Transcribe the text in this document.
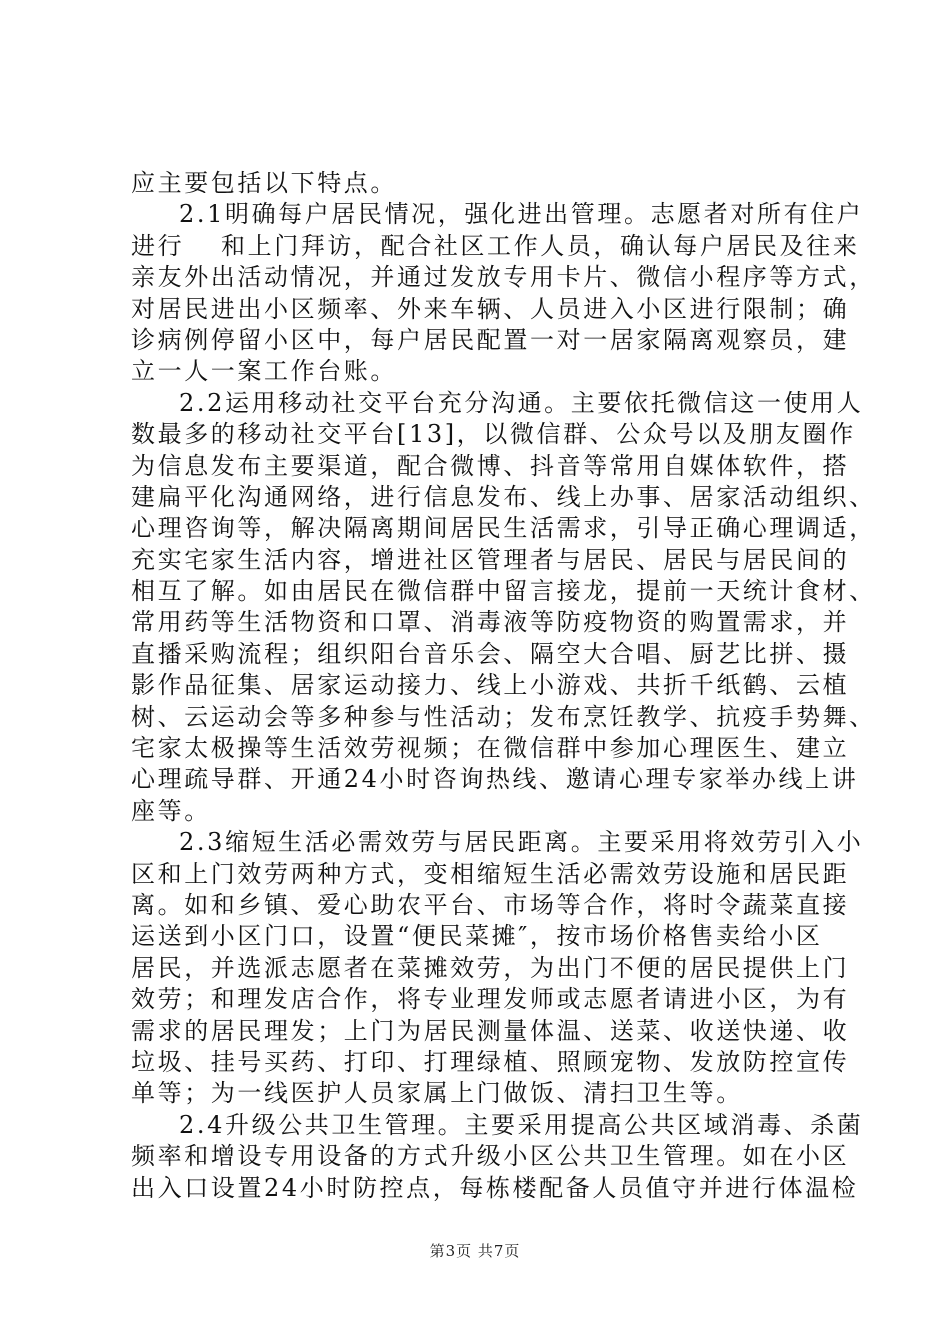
应主要包括以下特点。
2.1明确每户居民情况，强化进出管理。志愿者对所有住户
进行 　和上门拜访，配合社区工作人员，确认每户居民及往来
亲友外出活动情况，并通过发放专用卡片、微信小程序等方式，
对居民进出小区频率、外来车辆、人员进入小区进行限制；确
诊病例停留小区中，每户居民配置一对一居家隔离观察员，建
立一人一案工作台账。
2.2运用移动社交平台充分沟通。主要依托微信这一使用人
数最多的移动社交平台[13]，以微信群、公众号以及朋友圈作
为信息发布主要渠道，配合微博、抖音等常用自媒体软件，搭
建扁平化沟通网络，进行信息发布、线上办事、居家活动组织、
心理咨询等，解决隔离期间居民生活需求，引导正确心理调适，
充实宅家生活内容，增进社区管理者与居民、居民与居民间的
相互了解。如由居民在微信群中留言接龙，提前一天统计食材、
常用药等生活物资和口罩、消毒液等防疫物资的购置需求，并
直播采购流程；组织阳台音乐会、隔空大合唱、厨艺比拼、摄
影作品征集、居家运动接力、线上小游戏、共折千纸鹤、云植
树、云运动会等多种参与性活动；发布烹饪教学、抗疫手势舞、
宅家太极操等生活效劳视频；在微信群中参加心理医生、建立
心理疏导群、开通24小时咨询热线、邀请心理专家举办线上讲
座等。
2.3缩短生活必需效劳与居民距离。主要采用将效劳引入小
区和上门效劳两种方式，变相缩短生活必需效劳设施和居民距
离。如和乡镇、爱心助农平台、市场等合作，将时令蔬菜直接
运送到小区门口，设置“便民菜摊″，按市场价格售卖给小区
居民，并选派志愿者在菜摊效劳，为出门不便的居民提供上门
效劳；和理发店合作，将专业理发师或志愿者请进小区，为有
需求的居民理发；上门为居民测量体温、送菜、收送快递、收
垃圾、挂号买药、打印、打理绿植、照顾宠物、发放防控宣传
单等；为一线医护人员家属上门做饭、清扫卫生等。
2.4升级公共卫生管理。主要采用提高公共区域消毒、杀菌
频率和增设专用设备的方式升级小区公共卫生管理。如在小区
出入口设置24小时防控点，每栋楼配备人员值守并进行体温检
第3页 共7页
